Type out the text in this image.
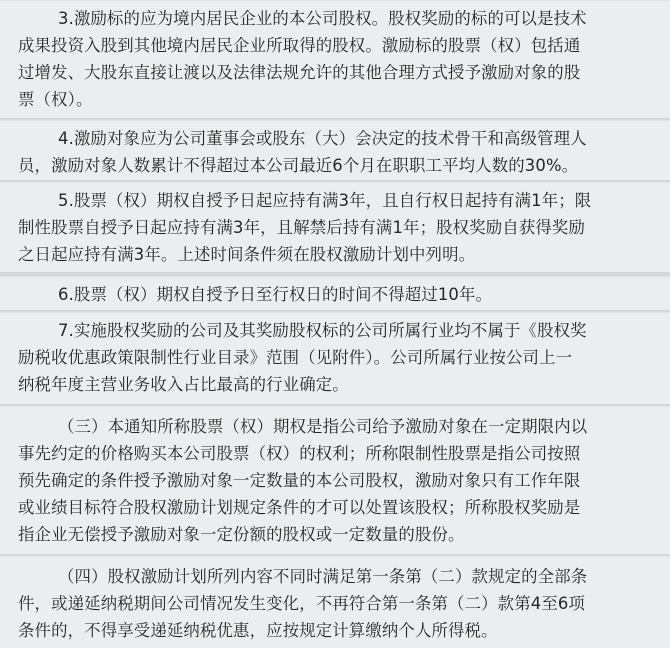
3.激励标的应为境内居民企业的本公司股权。股权奖励的标的可以是技术
成果投资入股到其他境内居民企业所取得的股权。激励标的股票（权）包括通
过增发、大股东直接让渡以及法律法规允许的其他合理方式授予激励对象的股
票（权）。
4.激励对象应为公司董事会或股东（大）会决定的技术骨干和高级管理人
员，激励对象人数累计不得超过本公司最近6个月在职职工平均人数的30%。
5.股票（权）期权自授予日起应持有满3年，且自行权日起持有满1年；限
制性股票自授予日起应持有满3年，且解禁后持有满1年；股权奖励自获得奖励
之日起应持有满3年。上述时间条件须在股权激励计划中列明。
6.股票（权）期权自授予日至行权日的时间不得超过10年。
7.实施股权奖励的公司及其奖励股权标的公司所属行业均不属于《股权奖
励税收优惠政策限制性行业目录》范围（见附件）。公司所属行业按公司上一
纳税年度主营业务收入占比最高的行业确定。
（三）本通知所称股票（权）期权是指公司给予激励对象在一定期限内以
事先约定的价格购买本公司股票（权）的权利；所称限制性股票是指公司按照
预先确定的条件授予激励对象一定数量的本公司股权，激励对象只有工作年限
或业绩目标符合股权激励计划规定条件的才可以处置该股权；所称股权奖励是
指企业无偿授予激励对象一定份额的股权或一定数量的股份。
（四）股权激励计划所列内容不同时满足第一条第（二）款规定的全部条
件，或递延纳税期间公司情况发生变化，不再符合第一条第（二）款第4至6项
条件的，不得享受递延纳税优惠，应按规定计算缴纳个人所得税。
